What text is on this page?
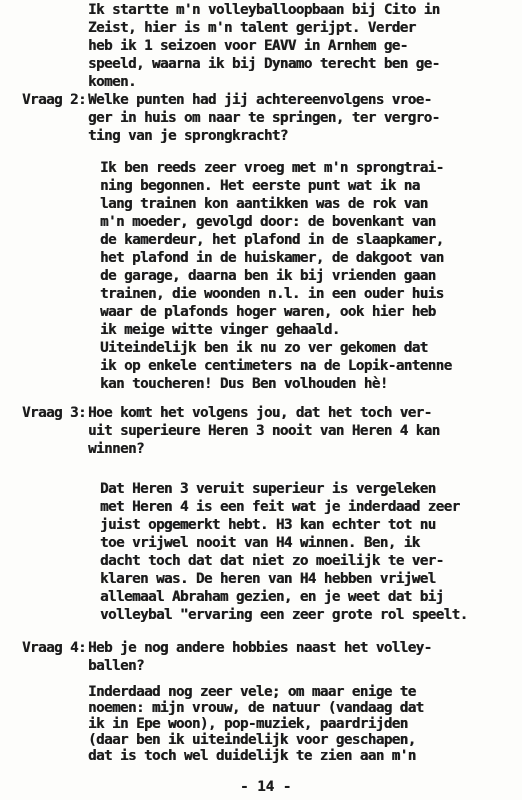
Ik startte m'n volleyballoopbaan bij Cito in
Zeist, hier is m'n talent gerijpt. Verder
heb ik 1 seizoen voor EAVV in Arnhem ge-
speeld, waarna ik bij Dynamo terecht ben ge-
komen.
Vraag 2: Welke punten had jij achtereenvolgens vroe-
ger in huis om naar te springen, ter vergro-
ting van je sprongkracht?
Ik ben reeds zeer vroeg met m'n sprongtrai-
ning begonnen. Het eerste punt wat ik na
lang trainen kon aantikken was de rok van
m'n moeder, gevolgd door: de bovenkant van
de kamerdeur, het plafond in de slaapkamer,
het plafond in de huiskamer, de dakgoot van
de garage, daarna ben ik bij vrienden gaan
trainen, die woonden n.l. in een ouder huis
waar de plafonds hoger waren, ook hier heb
ik meige witte vinger gehaald.
Uiteindelijk ben ik nu zo ver gekomen dat
ik op enkele centimeters na de Lopik-antenne
kan toucheren! Dus Ben volhouden hè!
Vraag 3: Hoe komt het volgens jou, dat het toch ver-
uit superieure Heren 3 nooit van Heren 4 kan
winnen?
Dat Heren 3 veruit superieur is vergeleken
met Heren 4 is een feit wat je inderdaad zeer
juist opgemerkt hebt. H3 kan echter tot nu
toe vrijwel nooit van H4 winnen. Ben, ik
dacht toch dat dat niet zo moeilijk te ver-
klaren was. De heren van H4 hebben vrijwel
allemaal Abraham gezien, en je weet dat bij
volleybal "ervaring een zeer grote rol speelt.
Vraag 4: Heb je nog andere hobbies naast het volley-
ballen?
Inderdaad nog zeer vele; om maar enige te
noemen: mijn vrouw, de natuur (vandaag dat
ik in Epe woon), pop-muziek, paardrijden
(daar ben ik uiteindelijk voor geschapen,
dat is toch wel duidelijk te zien aan m'n
- 14 -
